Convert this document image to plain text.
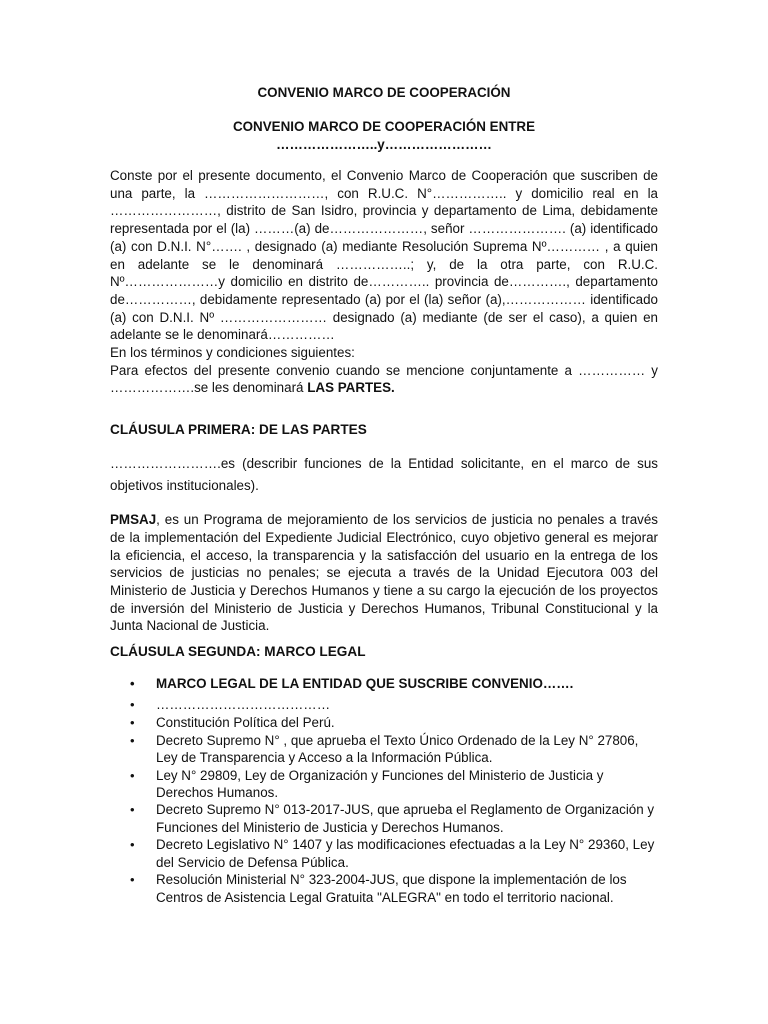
CONVENIO MARCO DE COOPERACIÓN

CONVENIO MARCO DE COOPERACIÓN ENTRE
…………………..y……………………

Conste por el presente documento, el Convenio Marco de Cooperación que suscriben de una parte, la ………………………, con R.U.C. N°…………….. y domicilio real en la ……………………, distrito de San Isidro, provincia y departamento de Lima, debidamente representada por el (la) ………(a) de…………………, señor …………………. (a) identificado (a) con D.N.I. N°……. , designado (a) mediante Resolución Suprema Nº………… , a quien en adelante se le denominará ……………..; y, de la otra parte, con R.U.C. Nº…………………y domicilio en distrito de………….. provincia de…………., departamento de……………, debidamente representado (a) por el (la) señor (a),……………… identificado (a) con D.N.I. Nº …………………… designado (a) mediante (de ser el caso), a quien en adelante se le denominará……………

En los términos y condiciones siguientes:

Para efectos del presente convenio cuando se mencione conjuntamente a …………… y ……………….se les denominará LAS PARTES.

CLÁUSULA PRIMERA: DE LAS PARTES

…………………….es (describir funciones de la Entidad solicitante, en el marco de sus objetivos institucionales).

PMSAJ, es un Programa de mejoramiento de los servicios de justicia no penales a través de la implementación del Expediente Judicial Electrónico, cuyo objetivo general es mejorar la eficiencia, el acceso, la transparencia y la satisfacción del usuario en la entrega de los servicios de justicias no penales; se ejecuta a través de la Unidad Ejecutora 003 del Ministerio de Justicia y Derechos Humanos y tiene a su cargo la ejecución de los proyectos de inversión del Ministerio de Justicia y Derechos Humanos, Tribunal Constitucional y la Junta Nacional de Justicia.

CLÁUSULA SEGUNDA: MARCO LEGAL

• MARCO LEGAL DE LA ENTIDAD QUE SUSCRIBE CONVENIO…….
• …………………………………
• Constitución Política del Perú.
• Decreto Supremo N° , que aprueba el Texto Único Ordenado de la Ley N° 27806, Ley de Transparencia y Acceso a la Información Pública.
• Ley N° 29809, Ley de Organización y Funciones del Ministerio de Justicia y Derechos Humanos.
• Decreto Supremo N° 013-2017-JUS, que aprueba el Reglamento de Organización y Funciones del Ministerio de Justicia y Derechos Humanos.
• Decreto Legislativo N° 1407 y las modificaciones efectuadas a la Ley N° 29360, Ley del Servicio de Defensa Pública.
• Resolución Ministerial N° 323-2004-JUS, que dispone la implementación de los Centros de Asistencia Legal Gratuita "ALEGRA" en todo el territorio nacional.
